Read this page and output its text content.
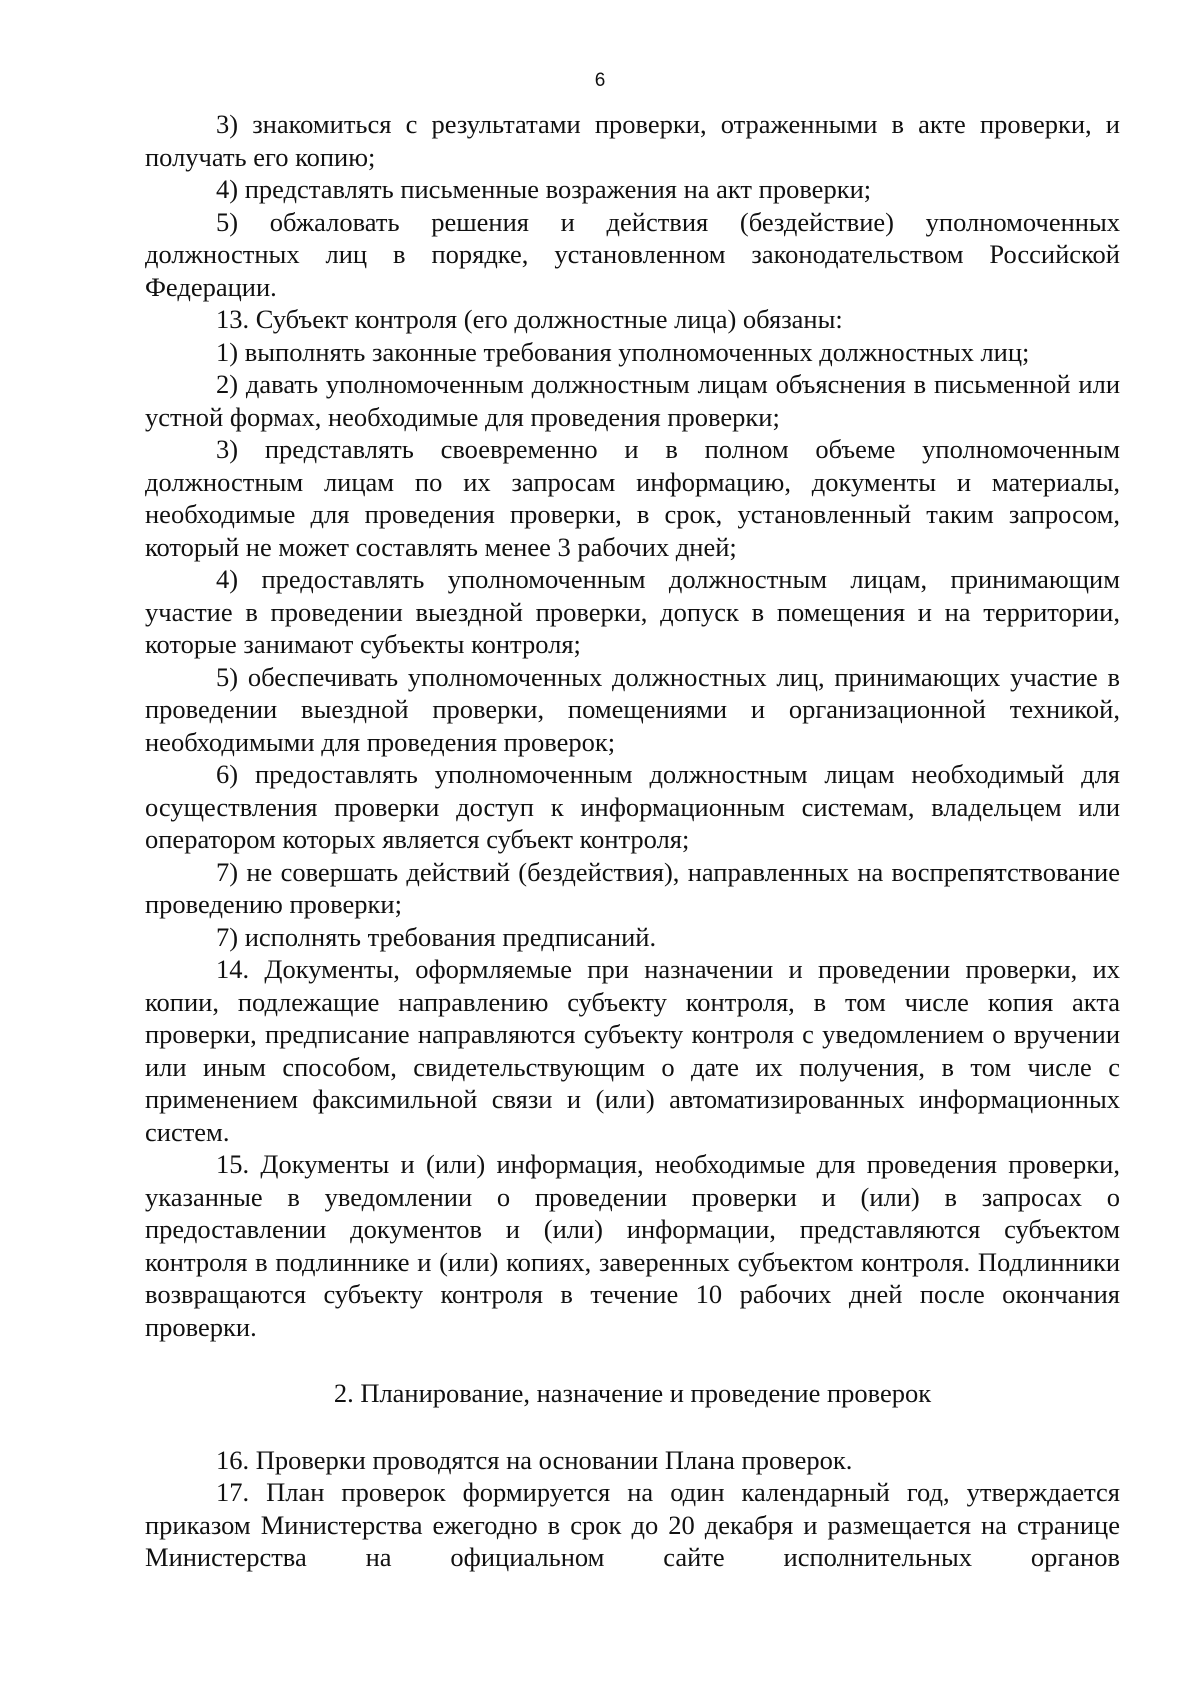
6

3) знакомиться с результатами проверки, отраженными в акте проверки, и получать его копию;

4) представлять письменные возражения на акт проверки;

5) обжаловать решения и действия (бездействие) уполномоченных должностных лиц в порядке, установленном законодательством Российской Федерации.

13. Субъект контроля (его должностные лица) обязаны:

1) выполнять законные требования уполномоченных должностных лиц;

2) давать уполномоченным должностным лицам объяснения в письменной или устной формах, необходимые для проведения проверки;

3) представлять своевременно и в полном объеме уполномоченным должностным лицам по их запросам информацию, документы и материалы, необходимые для проведения проверки, в срок, установленный таким запросом, который не может составлять менее 3 рабочих дней;

4) предоставлять уполномоченным должностным лицам, принимающим участие в проведении выездной проверки, допуск в помещения и на территории, которые занимают субъекты контроля;

5) обеспечивать уполномоченных должностных лиц, принимающих участие в проведении выездной проверки, помещениями и организационной техникой, необходимыми для проведения проверок;

6) предоставлять уполномоченным должностным лицам необходимый для осуществления проверки доступ к информационным системам, владельцем или оператором которых является субъект контроля;

7) не совершать действий (бездействия), направленных на воспрепятствование проведению проверки;

7) исполнять требования предписаний.

14. Документы, оформляемые при назначении и проведении проверки, их копии, подлежащие направлению субъекту контроля, в том числе копия акта проверки, предписание направляются субъекту контроля с уведомлением о вручении или иным способом, свидетельствующим о дате их получения, в том числе с применением факсимильной связи и (или) автоматизированных информационных систем.

15. Документы и (или) информация, необходимые для проведения проверки, указанные в уведомлении о проведении проверки и (или) в запросах о предоставлении документов и (или) информации, представляются субъектом контроля в подлиннике и (или) копиях, заверенных субъектом контроля. Подлинники возвращаются субъекту контроля в течение 10 рабочих дней после окончания проверки.

2. Планирование, назначение и проведение проверок

16. Проверки проводятся на основании Плана проверок.

17. План проверок формируется на один календарный год, утверждается приказом Министерства ежегодно в срок до 20 декабря и размещается на странице Министерства на официальном сайте исполнительных органов
